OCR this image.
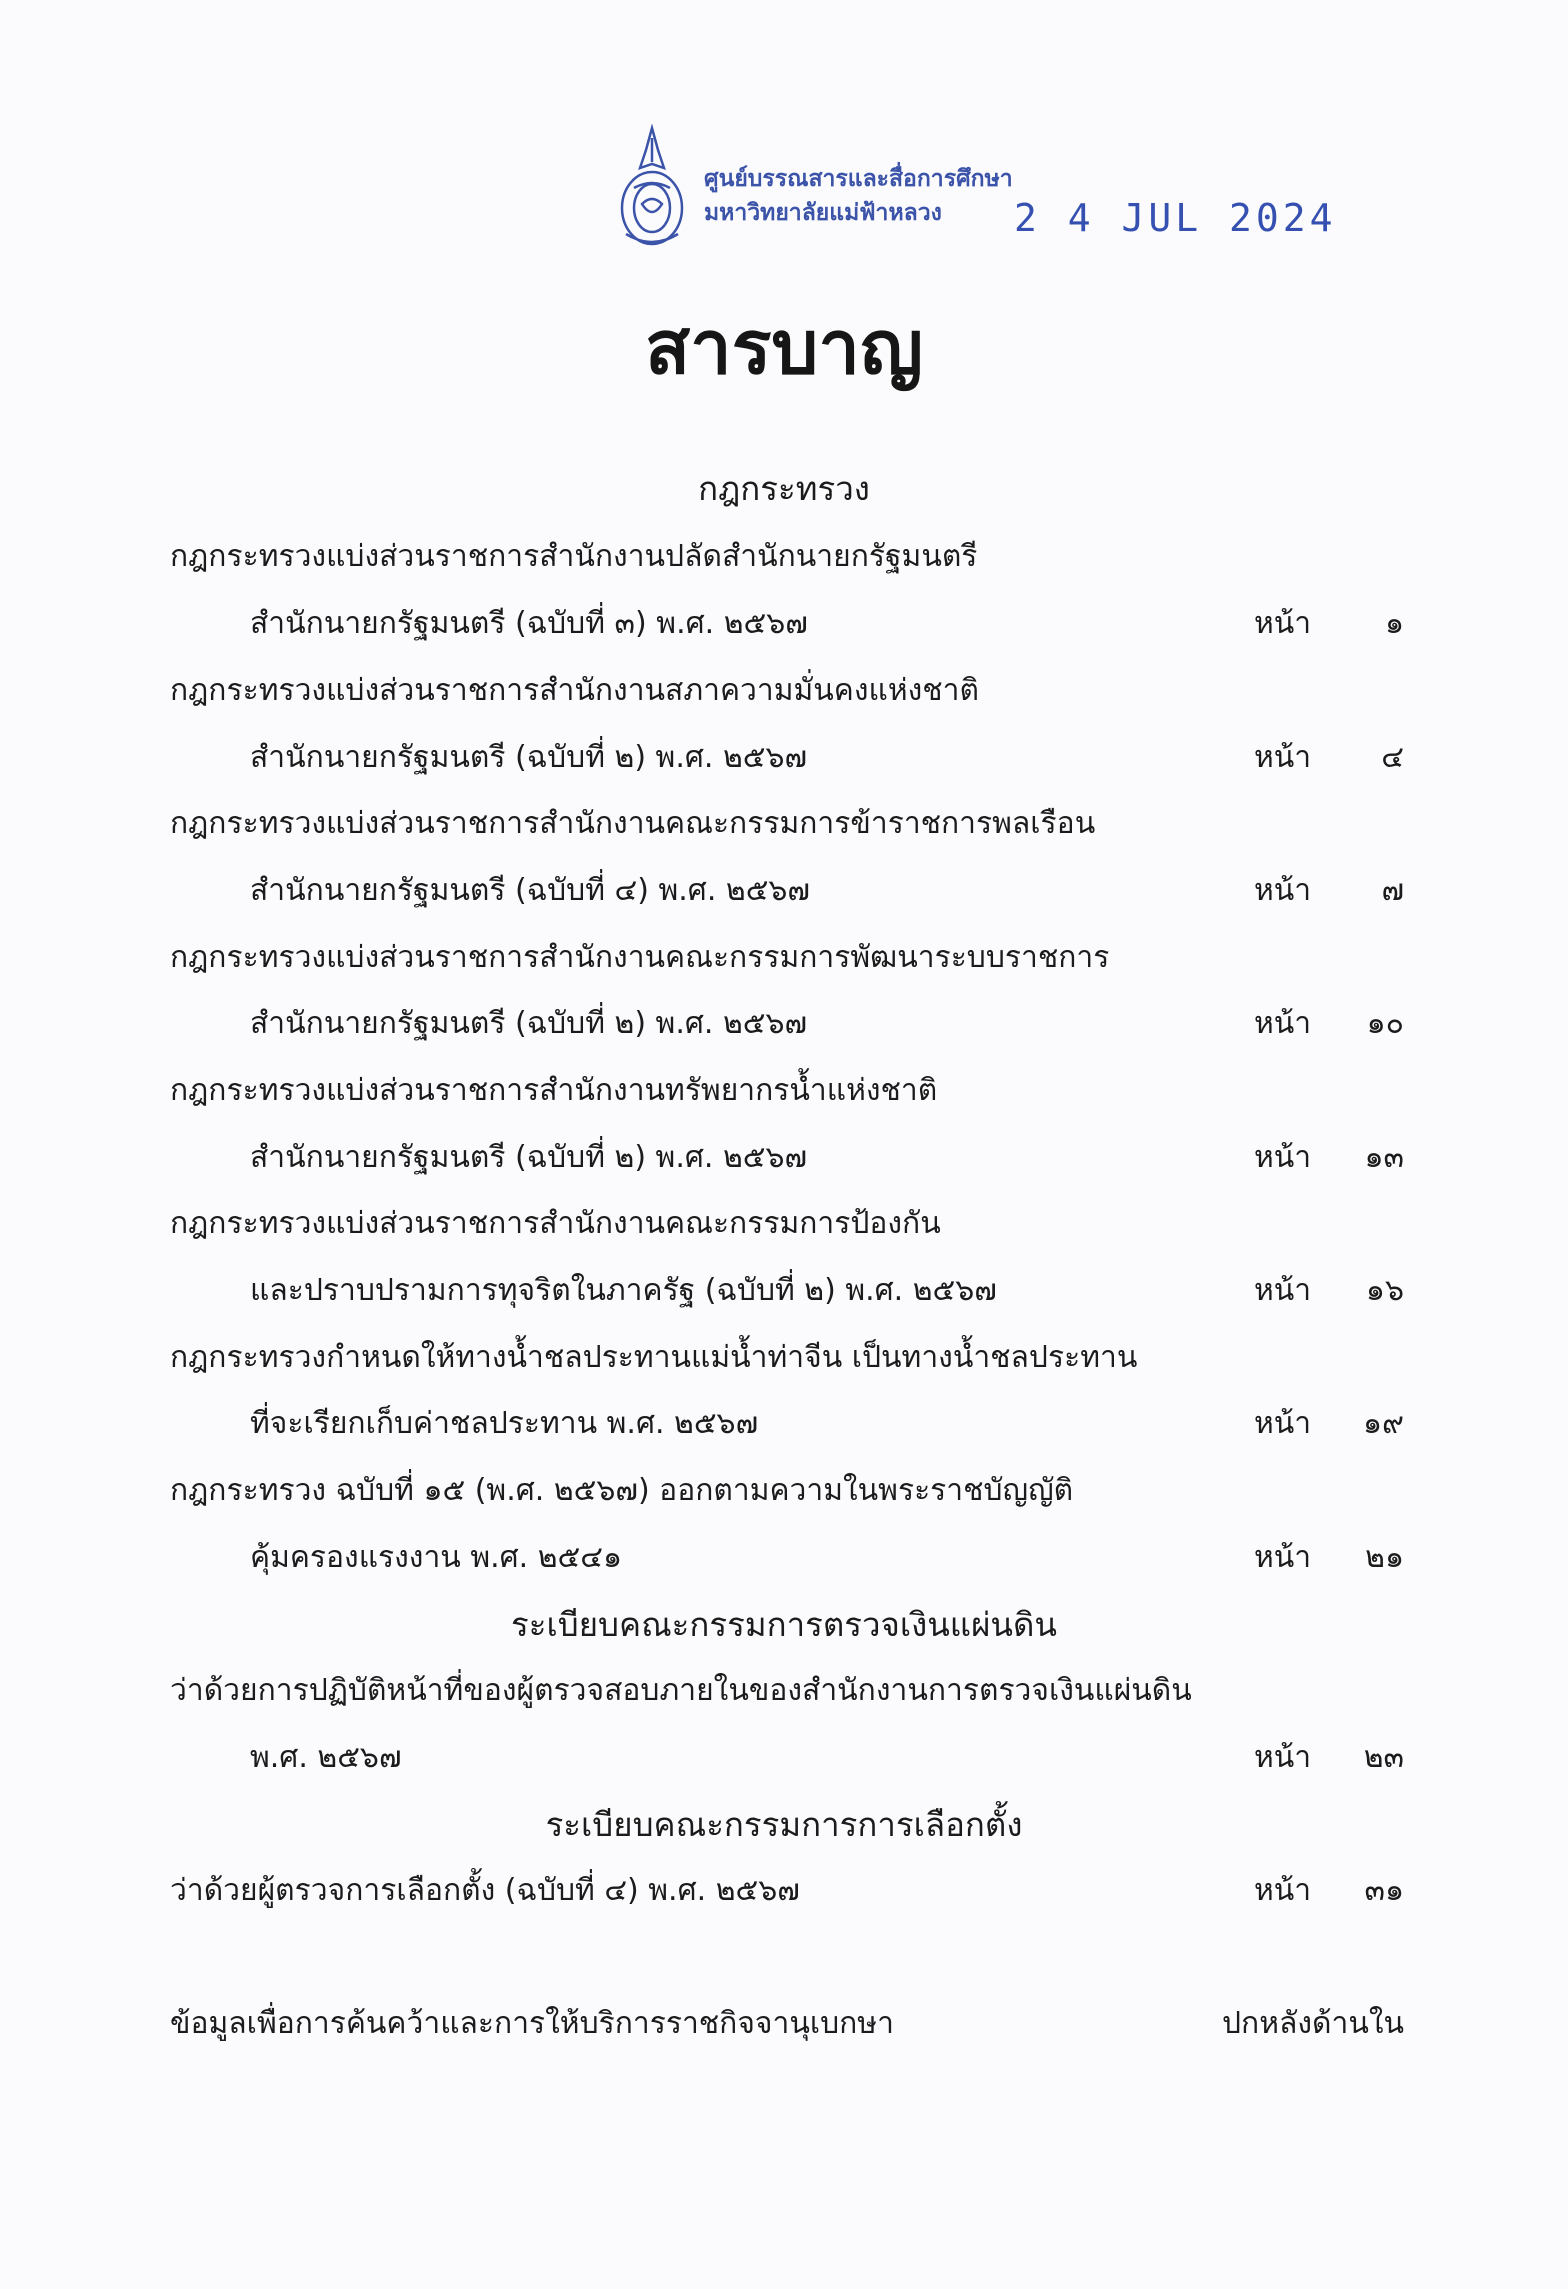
ศูนย์บรรณสารและสื่อการศึกษา
มหาวิทยาลัยแม่ฟ้าหลวง	2 4 JUL 2024
สารบาญ
กฎกระทรวง
กฎกระทรวงแบ่งส่วนราชการสำนักงานปลัดสำนักนายกรัฐมนตรี
สำนักนายกรัฐมนตรี (ฉบับที่ ๓) พ.ศ. ๒๕๖๗	หน้า ๑
กฎกระทรวงแบ่งส่วนราชการสำนักงานสภาความมั่นคงแห่งชาติ
สำนักนายกรัฐมนตรี (ฉบับที่ ๒) พ.ศ. ๒๕๖๗	หน้า ๔
กฎกระทรวงแบ่งส่วนราชการสำนักงานคณะกรรมการข้าราชการพลเรือน
สำนักนายกรัฐมนตรี (ฉบับที่ ๔) พ.ศ. ๒๕๖๗	หน้า ๗
กฎกระทรวงแบ่งส่วนราชการสำนักงานคณะกรรมการพัฒนาระบบราชการ
สำนักนายกรัฐมนตรี (ฉบับที่ ๒) พ.ศ. ๒๕๖๗	หน้า ๑๐
กฎกระทรวงแบ่งส่วนราชการสำนักงานทรัพยากรน้ำแห่งชาติ
สำนักนายกรัฐมนตรี (ฉบับที่ ๒) พ.ศ. ๒๕๖๗	หน้า ๑๓
กฎกระทรวงแบ่งส่วนราชการสำนักงานคณะกรรมการป้องกัน
และปราบปรามการทุจริตในภาครัฐ (ฉบับที่ ๒) พ.ศ. ๒๕๖๗	หน้า ๑๖
กฎกระทรวงกำหนดให้ทางน้ำชลประทานแม่น้ำท่าจีน เป็นทางน้ำชลประทาน
ที่จะเรียกเก็บค่าชลประทาน พ.ศ. ๒๕๖๗	หน้า ๑๙
กฎกระทรวง ฉบับที่ ๑๕ (พ.ศ. ๒๕๖๗) ออกตามความในพระราชบัญญัติ
คุ้มครองแรงงาน พ.ศ. ๒๕๔๑	หน้า ๒๑
ระเบียบคณะกรรมการตรวจเงินแผ่นดิน
ว่าด้วยการปฏิบัติหน้าที่ของผู้ตรวจสอบภายในของสำนักงานการตรวจเงินแผ่นดิน
พ.ศ. ๒๕๖๗	หน้า ๒๓
ระเบียบคณะกรรมการการเลือกตั้ง
ว่าด้วยผู้ตรวจการเลือกตั้ง (ฉบับที่ ๔) พ.ศ. ๒๕๖๗	หน้า ๓๑
ข้อมูลเพื่อการค้นคว้าและการให้บริการราชกิจจานุเบกษา	ปกหลังด้านใน
